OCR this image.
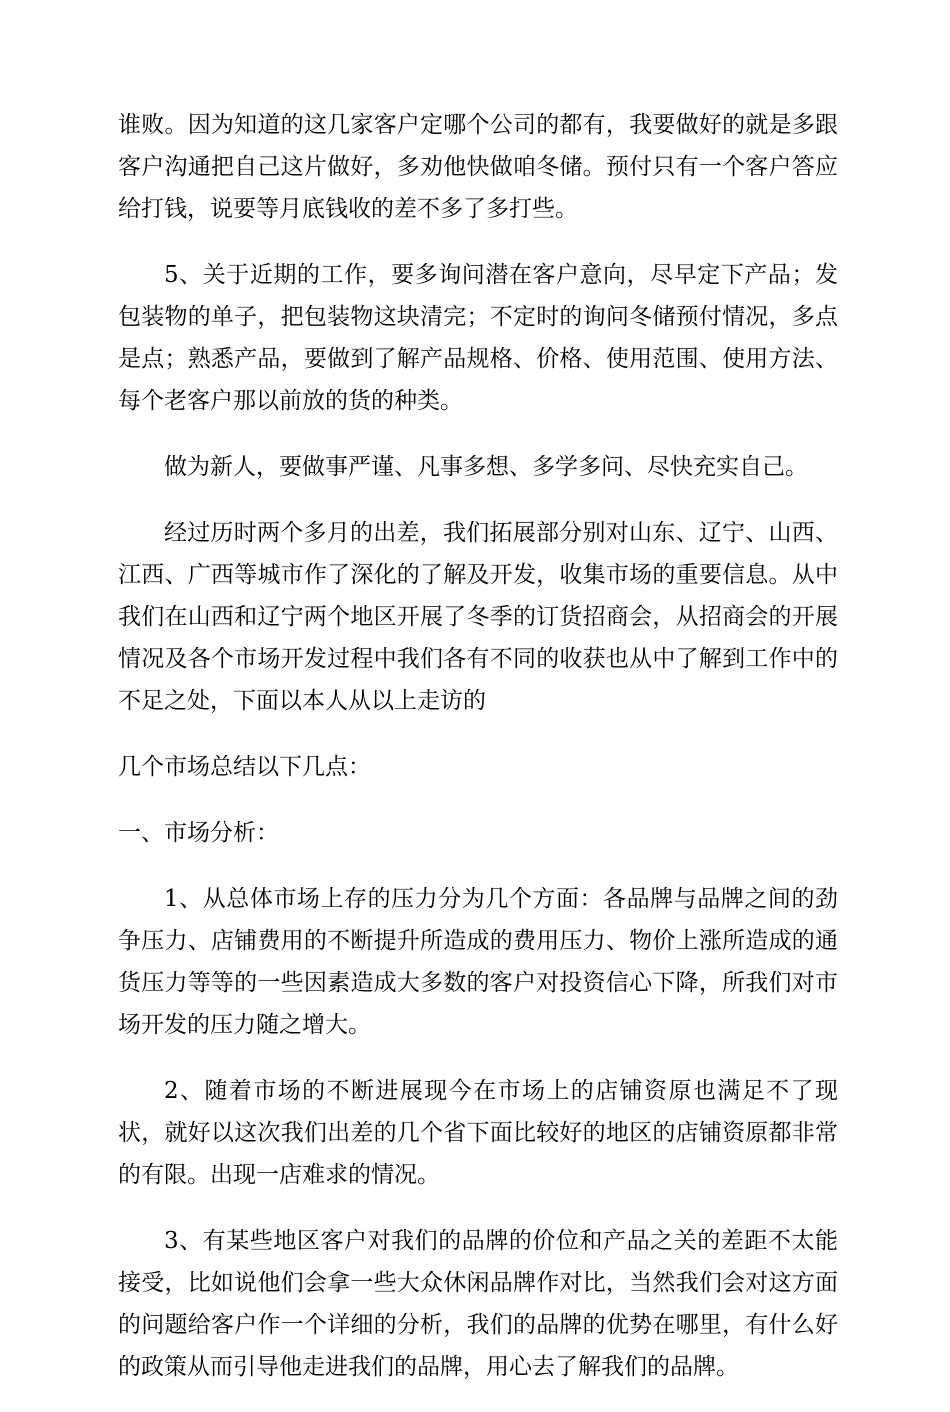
谁败。因为知道的这几家客户定哪个公司的都有，我要做好的就是多跟客户沟通把自己这片做好，多劝他快做咱冬储。预付只有一个客户答应给打钱，说要等月底钱收的差不多了多打些。

5、关于近期的工作，要多询问潜在客户意向，尽早定下产品；发包装物的单子，把包装物这块清完；不定时的询问冬储预付情况，多点是点；熟悉产品，要做到了解产品规格、价格、使用范围、使用方法、每个老客户那以前放的货的种类。

做为新人，要做事严谨、凡事多想、多学多问、尽快充实自己。

经过历时两个多月的出差，我们拓展部分别对山东、辽宁、山西、江西、广西等城市作了深化的了解及开发，收集市场的重要信息。从中我们在山西和辽宁两个地区开展了冬季的订货招商会，从招商会的开展情况及各个市场开发过程中我们各有不同的收获也从中了解到工作中的不足之处，下面以本人从以上走访的

几个市场总结以下几点：

一、市场分析：

1、从总体市场上存的压力分为几个方面：各品牌与品牌之间的劲争压力、店铺费用的不断提升所造成的费用压力、物价上涨所造成的通货压力等等的一些因素造成大多数的客户对投资信心下降，所我们对市场开发的压力随之增大。

2、随着市场的不断进展现今在市场上的店铺资原也满足不了现状，就好以这次我们出差的几个省下面比较好的地区的店铺资原都非常的有限。出现一店难求的情况。

3、有某些地区客户对我们的品牌的价位和产品之关的差距不太能接受，比如说他们会拿一些大众休闲品牌作对比，当然我们会对这方面的问题给客户作一个详细的分析，我们的品牌的优势在哪里，有什么好的政策从而引导他走进我们的品牌，用心去了解我们的品牌。
